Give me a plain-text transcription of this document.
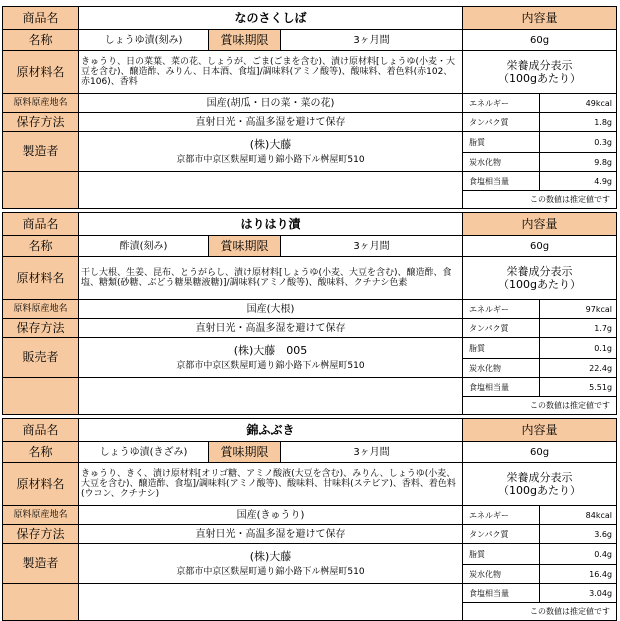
商品名	なのさくしば			内容量	
名称	しょうゆ漬(刻み)	賞味期限	3ヶ月間	60g	
原材料名	きゅうり、日の菜葉、菜の花、しょうが、ごま(ごまを含む)、漬け原材料[しょうゆ(小麦・大豆を含む)、醸造酢、みりん、日本酒、食塩]/調味料(アミノ酸等)、酸味料、着色料(赤102、赤106)、香料			栄養成分表示
（100gあたり）	
原料原産地名	国産(胡瓜・日の菜・菜の花)			エネルギー	49kcal
保存方法	直射日光・高温多湿を避けて保存			タンパク質	1.8g
製造者	(株)大藤
京都市中京区麩屋町通り錦小路下ル桝屋町510			脂質	0.3g
				炭水化物	9.8g

				食塩相当量	4.9g
				この数値は推定値です	
商品名	はりはり漬			内容量	
名称	酢漬(刻み)	賞味期限	3ヶ月間	60g	
原材料名	干し大根、生姜、昆布、とうがらし、漬け原材料[しょうゆ(小麦、大豆を含む)、醸造酢、食塩、糖類(砂糖、ぶどう糖果糖液糖)]/調味料(アミノ酸等)、酸味料、クチナシ色素			栄養成分表示
（100gあたり）	
原料原産地名	国産(大根)			エネルギー	97kcal
保存方法	直射日光・高温多湿を避けて保存			タンパク質	1.7g
販売者	(株)大藤　005
京都市中京区麩屋町通り錦小路下ル桝屋町510			脂質	0.1g
				炭水化物	22.4g

				食塩相当量	5.51g
				この数値は推定値です	
商品名	錦ふぶき			内容量	
名称	しょうゆ漬(きざみ)	賞味期限	3ヶ月間	60g	
原材料名	きゅうり、きく、漬け原材料[オリゴ糖、アミノ酸液(大豆を含む)、みりん、しょうゆ(小麦、大豆を含む)、醸造酢、食塩]/調味料(アミノ酸等)、酸味料、甘味料(ステビア)、香料、着色料(ウコン、クチナシ)			栄養成分表示
（100gあたり）	
原料原産地名	国産(きゅうり)			エネルギー	84kcal
保存方法	直射日光・高温多湿を避けて保存			タンパク質	3.6g
製造者	(株)大藤
京都市中京区麩屋町通り錦小路下ル桝屋町510			脂質	0.4g
				炭水化物	16.4g

				食塩相当量	3.04g
				この数値は推定値です	
